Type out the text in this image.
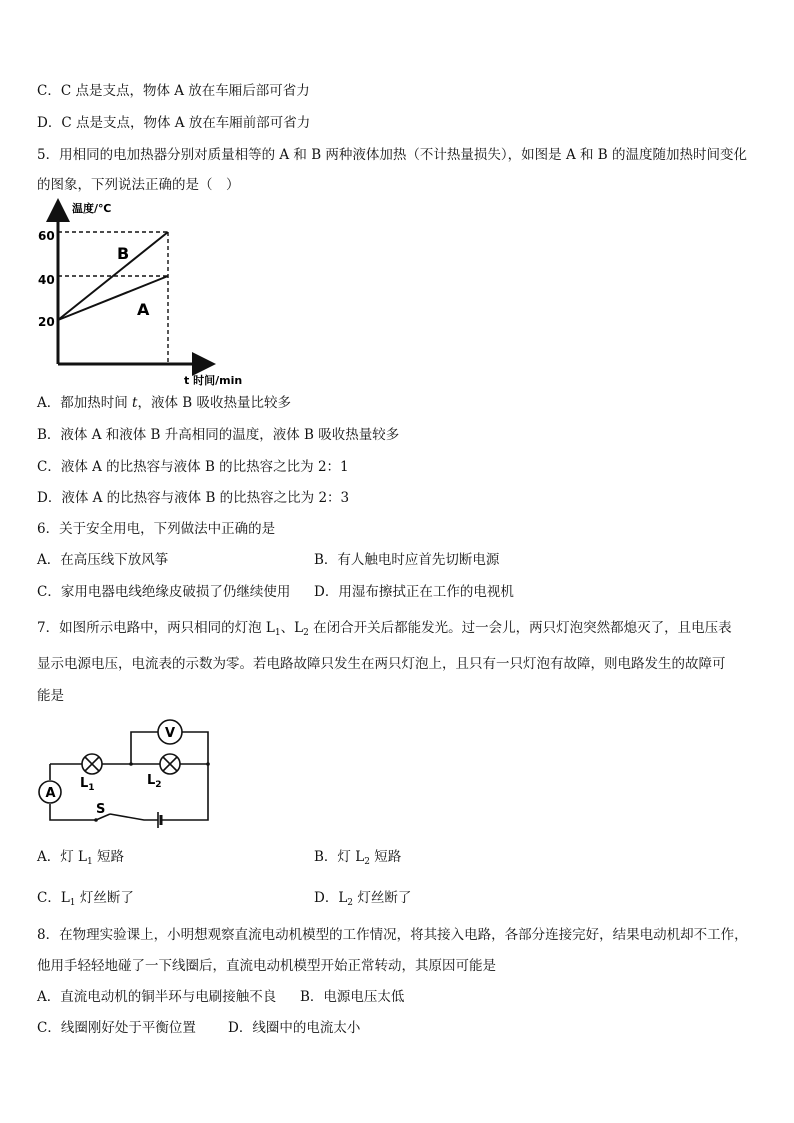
C．C 点是支点，物体 A 放在车厢后部可省力
D．C 点是支点，物体 A 放在车厢前部可省力
5．用相同的电加热器分别对质量相等的 A 和 B 两种液体加热（不计热量损失），如图是 A 和 B 的温度随加热时间变化
的图象，下列说法正确的是（　）
温度/℃
t 时间/min
60
40
20
B
A
A．都加热时间 t，液体 B 吸收热量比较多
B．液体 A 和液体 B 升高相同的温度，液体 B 吸收热量较多
C．液体 A 的比热容与液体 B 的比热容之比为 2：1
D．液体 A 的比热容与液体 B 的比热容之比为 2：3
6．关于安全用电，下列做法中正确的是
A．在高压线下放风筝	B．有人触电时应首先切断电源
C．家用电器电线绝缘皮破损了仍继续使用 D．用湿布擦拭正在工作的电视机
7．如图所示电路中，两只相同的灯泡 $L_1$、$L_2$ 在闭合开关后都能发光。过一会儿，两只灯泡突然都熄灭了，且电压表
显示电源电压，电流表的示数为零。若电路故障只发生在两只灯泡上，且只有一只灯泡有故障，则电路发生的故障可
能是
A
V
$L_1$	$L_2$
S
A．灯 $L_1$ 短路	B．灯 $L_2$ 短路
C．$L_1$ 灯丝断了	D．$L_2$ 灯丝断了
8．在物理实验课上，小明想观察直流电动机模型的工作情况，将其接入电路，各部分连接完好，结果电动机却不工作，
他用手轻轻地碰了一下线圈后，直流电动机模型开始正常转动，其原因可能是
A．直流电动机的铜半环与电刷接触不良 B．电源电压太低
C．线圈刚好处于平衡位置 D．线圈中的电流太小
